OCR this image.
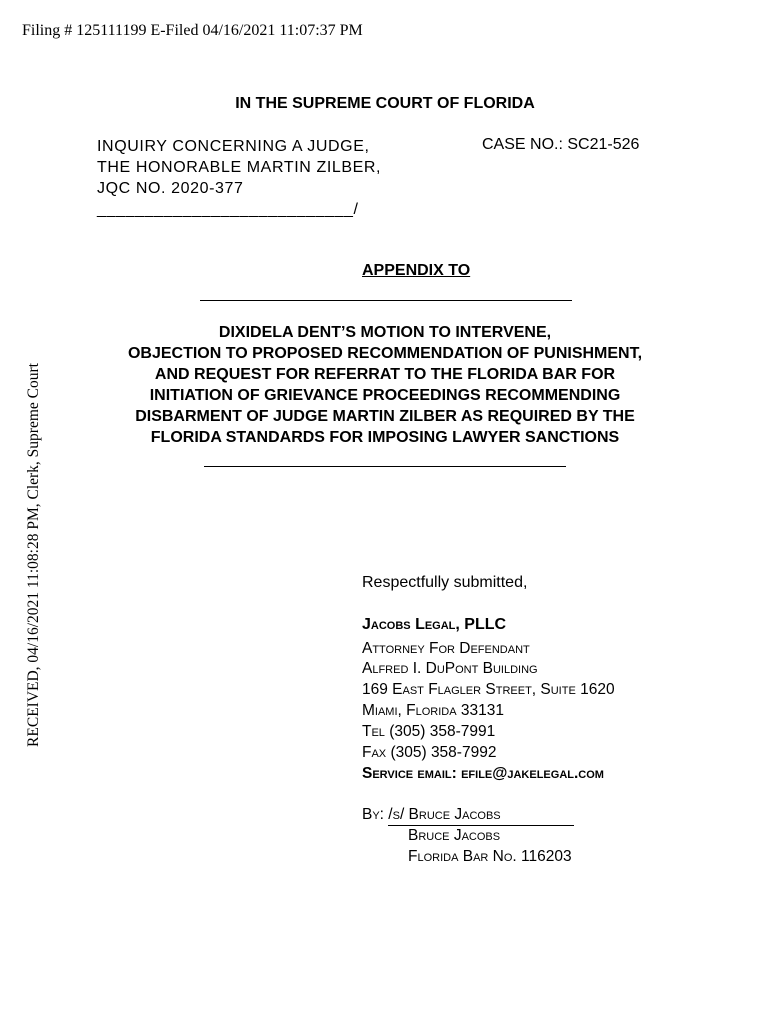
Filing # 125111199 E-Filed 04/16/2021 11:07:37 PM
RECEIVED, 04/16/2021 11:08:28 PM, Clerk, Supreme Court
IN THE SUPREME COURT OF FLORIDA
INQUIRY CONCERNING A JUDGE,
THE HONORABLE MARTIN ZILBER,
JQC NO. 2020-377
___________________________/
CASE NO.: SC21-526
APPENDIX TO
DIXIDELA DENT’S MOTION TO INTERVENE,
OBJECTION TO PROPOSED RECOMMENDATION OF PUNISHMENT,
AND REQUEST FOR REFERRAT TO THE FLORIDA BAR FOR
INITIATION OF GRIEVANCE PROCEEDINGS RECOMMENDING
DISBARMENT OF JUDGE MARTIN ZILBER AS REQUIRED BY THE
FLORIDA STANDARDS FOR IMPOSING LAWYER SANCTIONS
Respectfully submitted,
Jacobs Legal, PLLC
Attorney For Defendant
Alfred I. DuPont Building
169 East Flagler Street, Suite 1620
Miami, Florida 33131
Tel (305) 358-7991
Fax (305) 358-7992
Service email: efile@jakelegal.com
By: /s/ Bruce Jacobs
Bruce Jacobs
Florida Bar No. 116203
